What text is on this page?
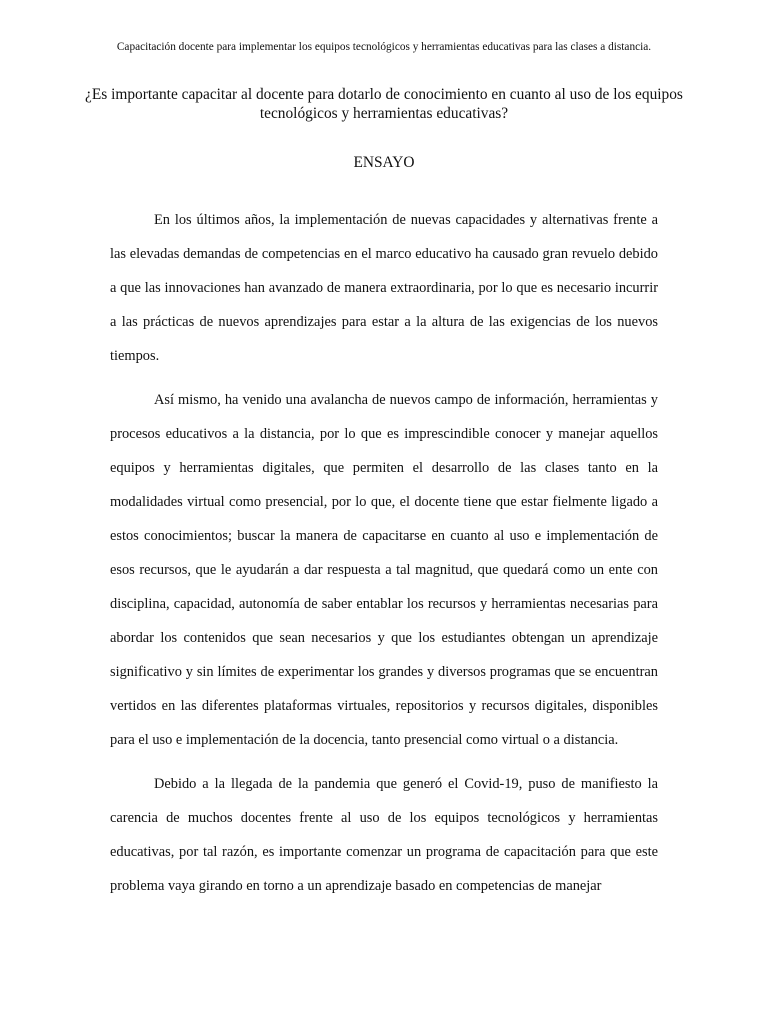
Capacitación docente para implementar los equipos tecnológicos y herramientas educativas para las clases a distancia.
¿Es importante capacitar al docente para dotarlo de conocimiento en cuanto al uso de los equipos tecnológicos y herramientas educativas?
ENSAYO

En los últimos años, la implementación de nuevas capacidades y alternativas frente a las elevadas demandas de competencias en el marco educativo ha causado gran revuelo debido a que las innovaciones han avanzado de manera extraordinaria, por lo que es necesario incurrir a las prácticas de nuevos aprendizajes para estar a la altura de las exigencias de los nuevos tiempos.

Así mismo, ha venido una avalancha de nuevos campo de información, herramientas y procesos educativos a la distancia, por lo que es imprescindible conocer y manejar aquellos equipos y herramientas digitales, que permiten el desarrollo de las clases tanto en la modalidades virtual como presencial, por lo que, el docente tiene que estar fielmente ligado a estos conocimientos; buscar la manera de capacitarse en cuanto al uso e implementación de esos recursos, que le ayudarán a dar respuesta a tal magnitud, que quedará como un ente con disciplina, capacidad, autonomía de saber entablar los recursos y herramientas necesarias para abordar los contenidos que sean necesarios y que los estudiantes obtengan un aprendizaje significativo y sin límites de experimentar los grandes y diversos programas que se encuentran vertidos en las diferentes plataformas virtuales, repositorios y recursos digitales, disponibles para el uso e implementación de la docencia, tanto presencial como virtual o a distancia.

Debido a la llegada de la pandemia que generó el Covid-19, puso de manifiesto la carencia de muchos docentes frente al uso de los equipos tecnológicos y herramientas educativas, por tal razón, es importante comenzar un programa de capacitación para que este problema vaya girando en torno a un aprendizaje basado en competencias de manejar
